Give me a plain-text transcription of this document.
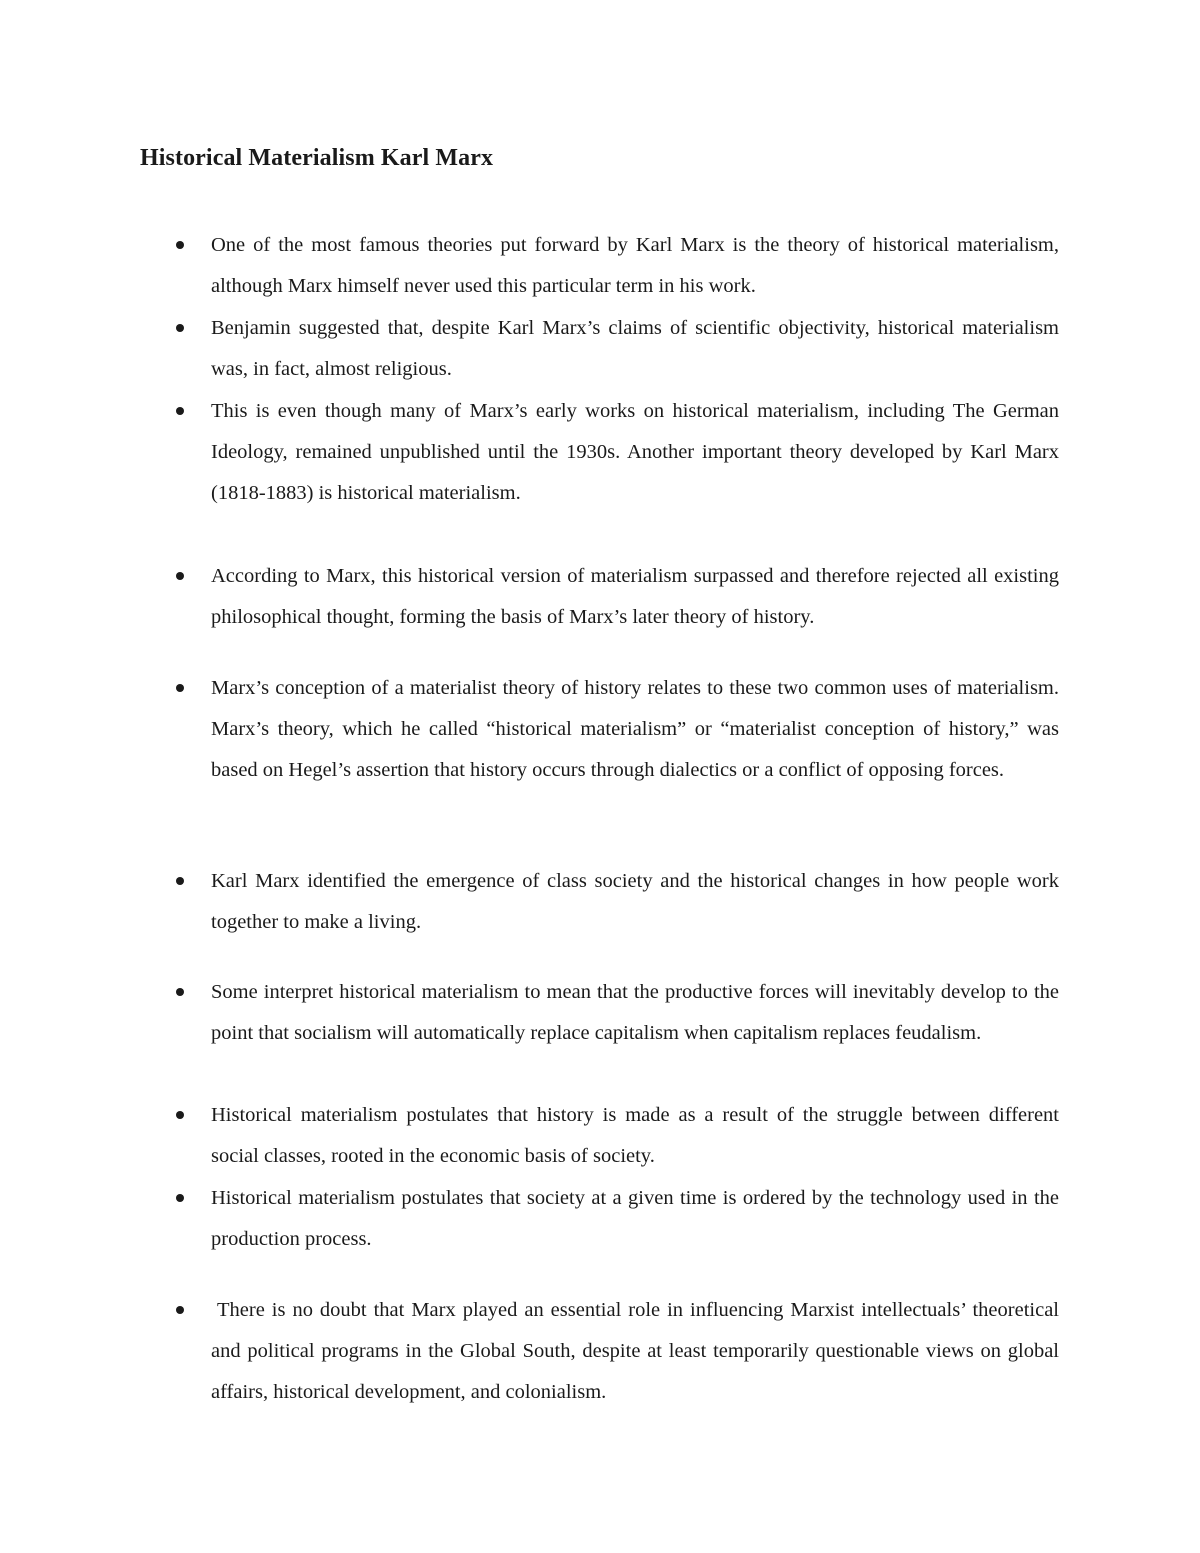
Historical Materialism Karl Marx

One of the most famous theories put forward by Karl Marx is the theory of historical materialism, although Marx himself never used this particular term in his work.

Benjamin suggested that, despite Karl Marx’s claims of scientific objectivity, historical materialism was, in fact, almost religious.

This is even though many of Marx’s early works on historical materialism, including The German Ideology, remained unpublished until the 1930s. Another important theory developed by Karl Marx (1818-1883) is historical materialism.

According to Marx, this historical version of materialism surpassed and therefore rejected all existing philosophical thought, forming the basis of Marx’s later theory of history.

Marx’s conception of a materialist theory of history relates to these two common uses of materialism. Marx’s theory, which he called “historical materialism” or “materialist conception of history,” was based on Hegel’s assertion that history occurs through dialectics or a conflict of opposing forces.

Karl Marx identified the emergence of class society and the historical changes in how people work together to make a living.

Some interpret historical materialism to mean that the productive forces will inevitably develop to the point that socialism will automatically replace capitalism when capitalism replaces feudalism.

Historical materialism postulates that history is made as a result of the struggle between different social classes, rooted in the economic basis of society.

Historical materialism postulates that society at a given time is ordered by the technology used in the production process.

There is no doubt that Marx played an essential role in influencing Marxist intellectuals’ theoretical and political programs in the Global South, despite at least temporarily questionable views on global affairs, historical development, and colonialism.
